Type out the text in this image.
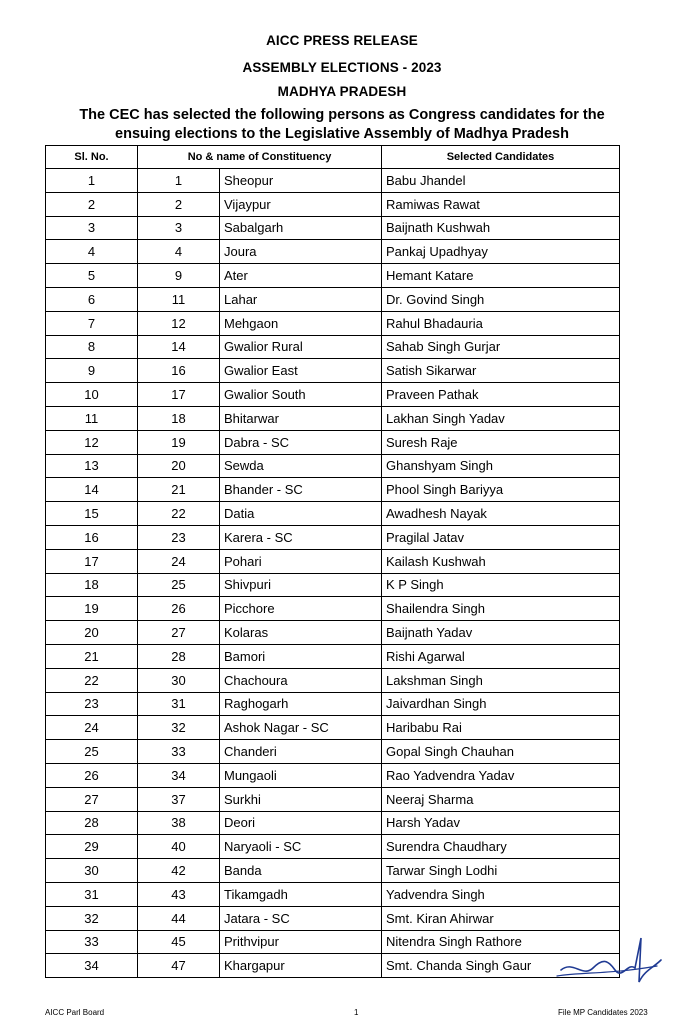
AICC PRESS RELEASE
ASSEMBLY ELECTIONS - 2023
MADHYA PRADESH
The CEC has selected the following persons as Congress candidates for the
ensuing elections to the Legislative Assembly of Madhya Pradesh
Sl. No.	No & name of Constituency		Selected Candidates
1	1	Sheopur	Babu Jhandel
2	2	Vijaypur	Ramiwas Rawat
3	3	Sabalgarh	Baijnath Kushwah
4	4	Joura	Pankaj Upadhyay
5	9	Ater	Hemant Katare
6	11	Lahar	Dr. Govind Singh
7	12	Mehgaon	Rahul Bhadauria
8	14	Gwalior Rural	Sahab Singh Gurjar
9	16	Gwalior East	Satish Sikarwar
10	17	Gwalior South	Praveen Pathak
11	18	Bhitarwar	Lakhan Singh Yadav
12	19	Dabra - SC	Suresh Raje
13	20	Sewda	Ghanshyam Singh
14	21	Bhander - SC	Phool Singh Bariyya
15	22	Datia	Awadhesh Nayak
16	23	Karera - SC	Pragilal Jatav
17	24	Pohari	Kailash Kushwah
18	25	Shivpuri	K P Singh
19	26	Picchore	Shailendra Singh
20	27	Kolaras	Baijnath Yadav
21	28	Bamori	Rishi Agarwal
22	30	Chachoura	Lakshman Singh
23	31	Raghogarh	Jaivardhan Singh
24	32	Ashok Nagar - SC	Haribabu Rai
25	33	Chanderi	Gopal Singh Chauhan
26	34	Mungaoli	Rao Yadvendra Yadav
27	37	Surkhi	Neeraj Sharma
28	38	Deori	Harsh Yadav
29	40	Naryaoli - SC	Surendra Chaudhary
30	42	Banda	Tarwar Singh Lodhi
31	43	Tikamgadh	Yadvendra Singh
32	44	Jatara - SC	Smt. Kiran Ahirwar
33	45	Prithvipur	Nitendra Singh Rathore
34	47	Khargapur	Smt. Chanda Singh Gaur
AICC Parl Board	1	File MP Candidates 2023
